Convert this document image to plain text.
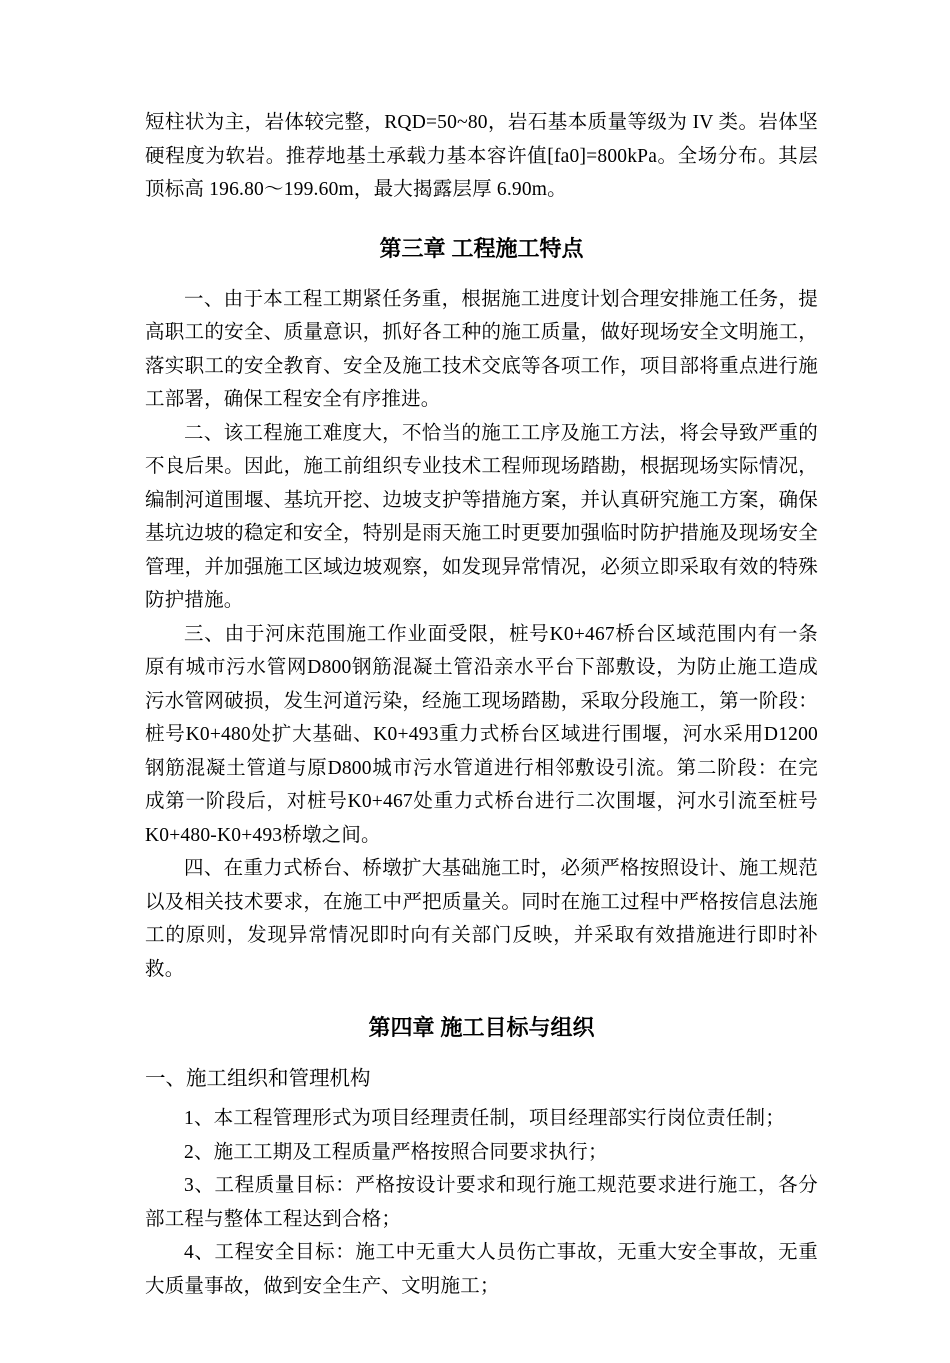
短柱状为主，岩体较完整，RQD=50~80，岩石基本质量等级为 IV 类。岩体坚硬程度为软岩。推荐地基土承载力基本容许值[fa0]=800kPa。全场分布。其层顶标高 196.80～199.60m，最大揭露层厚 6.90m。

第三章 工程施工特点

一、由于本工程工期紧任务重，根据施工进度计划合理安排施工任务，提高职工的安全、质量意识，抓好各工种的施工质量，做好现场安全文明施工，落实职工的安全教育、安全及施工技术交底等各项工作，项目部将重点进行施工部署，确保工程安全有序推进。

二、该工程施工难度大，不恰当的施工工序及施工方法，将会导致严重的不良后果。因此，施工前组织专业技术工程师现场踏勘，根据现场实际情况，编制河道围堰、基坑开挖、边坡支护等措施方案，并认真研究施工方案，确保基坑边坡的稳定和安全，特别是雨天施工时更要加强临时防护措施及现场安全管理，并加强施工区域边坡观察，如发现异常情况，必须立即采取有效的特殊防护措施。

三、由于河床范围施工作业面受限，桩号K0+467桥台区域范围内有一条原有城市污水管网D800钢筋混凝土管沿亲水平台下部敷设，为防止施工造成污水管网破损，发生河道污染，经施工现场踏勘，采取分段施工，第一阶段：桩号K0+480处扩大基础、K0+493重力式桥台区域进行围堰，河水采用D1200钢筋混凝土管道与原D800城市污水管道进行相邻敷设引流。第二阶段：在完成第一阶段后，对桩号K0+467处重力式桥台进行二次围堰，河水引流至桩号K0+480-K0+493桥墩之间。

四、在重力式桥台、桥墩扩大基础施工时，必须严格按照设计、施工规范以及相关技术要求，在施工中严把质量关。同时在施工过程中严格按信息法施工的原则，发现异常情况即时向有关部门反映，并采取有效措施进行即时补救。

第四章 施工目标与组织
一、施工组织和管理机构

1、本工程管理形式为项目经理责任制，项目经理部实行岗位责任制；

2、施工工期及工程质量严格按照合同要求执行；

3、工程质量目标：严格按设计要求和现行施工规范要求进行施工，各分部工程与整体工程达到合格；

4、工程安全目标：施工中无重大人员伤亡事故，无重大安全事故，无重大质量事故，做到安全生产、文明施工；
